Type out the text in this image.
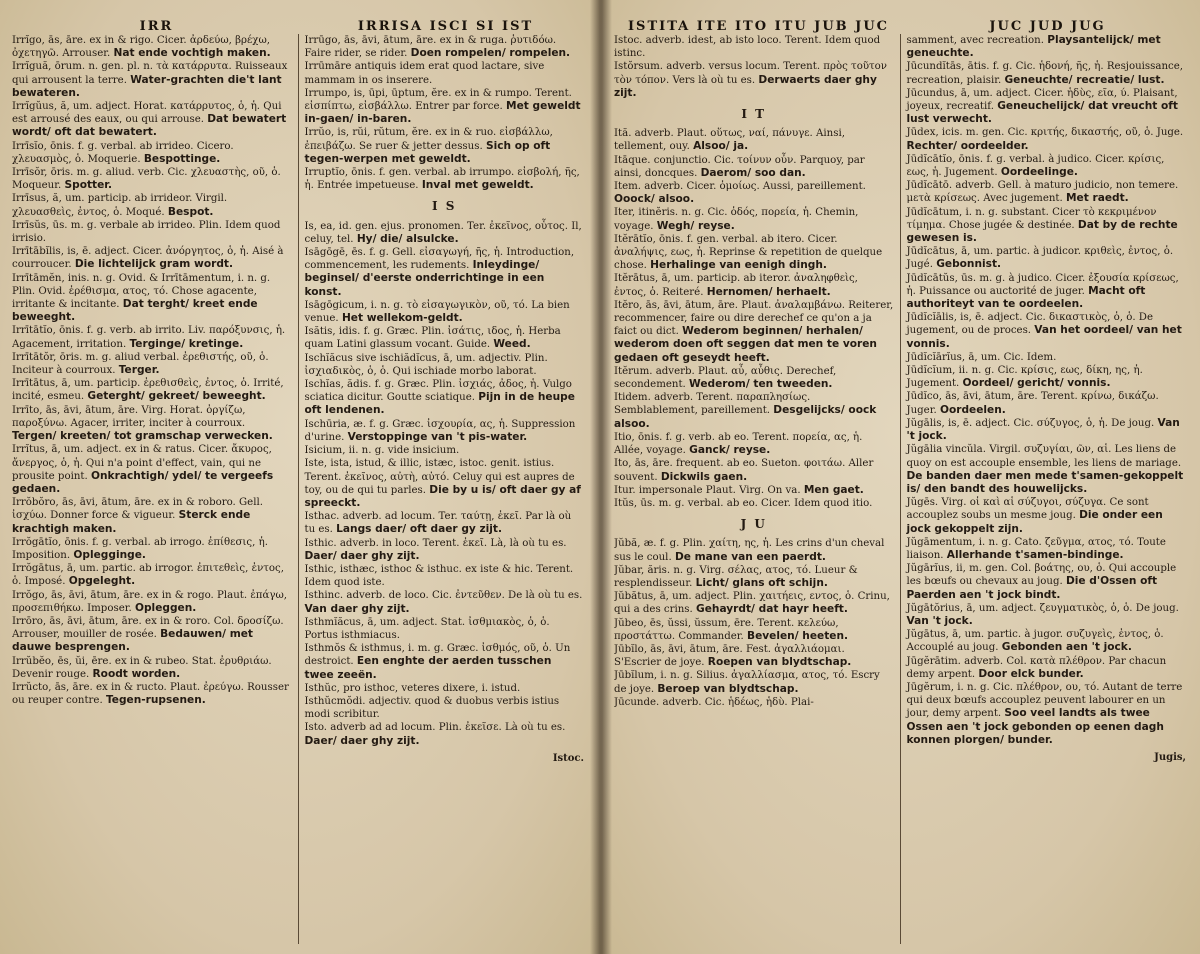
IRR	IRRISA ISCI SI IST

Irrĭgo, ās, āre. ex in & rigo. Cicer. ἀρδεύω, βρέχω, ὀχετηγῶ. Arrouser. Nat ende vochtigh maken.

Irrĭguă, ōrum. n. gen. pl. n. τὰ κατάρρυτα. Ruisseaux qui arrousent la terre. Water-grachten die't lant bewateren.

Irrĭgŭus, ă, um. adject. Horat. κατάρρυτος, ὁ, ἡ. Qui est arrousé des eaux, ou qui arrouse. Dat bewatert wordt/ oft dat bewatert.

Irrīsĭo, ōnis. f. g. verbal. ab irrideo. Cicero. χλευασμὸς, ὁ. Moquerie. Bespottinge.

Irrīsŏr, ōris. m. g. aliud. verb. Cic. χλευαστὴς, οῦ, ὁ. Moqueur. Spotter.

Irrīsus, ă, um. particip. ab irrideor. Virgil. χλευασθεὶς, ἐντος, ὁ. Moqué. Bespot.

Irrīsŭs, ūs. m. g. verbale ab irrideo. Plin. Idem quod irrisio.

Irrītābĭlis, is, ē. adject. Cicer. ἀνόργητος, ὁ, ἡ. Aisé à courroucer. Die lichtelijck gram wordt.

Irrītāmĕn, inis. n. g. Ovid. & Irrītāmentum, i. n. g. Plin. Ovid. ἐρέθισμα, ατος, τό. Chose agacente, irritante & incitante. Dat terght/ kreet ende beweeght.

Irrītātĭo, ōnis. f. g. verb. ab irrito. Liv. παρόξυνσις, ἡ. Agacement, irritation. Terginge/ kretinge.

Irrītātŏr, ōris. m. g. aliud verbal. ἐρεθιστής, οῦ, ὁ. Inciteur à courroux. Terger.

Irrītātus, ā, um. particip. ἐρεθισθεὶς, ἐντος, ὁ. Irrité, incité, esmeu. Geterght/ gekreet/ beweeght.

Irrīto, ās, āvi, ātum, āre. Virg. Horat. ὀργίζω, παροξύνω. Agacer, irriter, inciter à courroux. Tergen/ kreeten/ tot gramschap verwecken.

Irrĭtus, ā, um. adject. ex in & ratus. Cicer. ἄκυρος, ἄνεργος, ὁ, ἡ. Qui n'a point d'effect, vain, qui ne prousite point. Onkrachtigh/ ydel/ te vergeefs gedaen.

Irrŏbŏro, ās, āvi, ātum, āre. ex in & roboro. Gell. ἰσχύω. Donner force & vigueur. Sterck ende krachtigh maken.

Irrŏgātĭo, ōnis. f. g. verbal. ab irrogo. ἐπίθεσις, ἡ. Imposition. Oplegginge.

Irrŏgātus, ā, um. partic. ab irrogor. ἐπιτεθεὶς, ἐντος, ὁ. Imposé. Opgeleght.

Irrŏgo, ās, āvi, ātum, āre. ex in & rogo. Plaut. ἐπάγω, προσεπιθήκω. Imposer. Opleggen.

Irrōro, ās, āvi, ātum, āre. ex in & roro. Col. δροσίζω. Arrouser, mouiller de rosée. Bedauwen/ met dauwe besprengen.

Irrŭbĕo, ēs, ŭi, ēre. ex in & rubeo. Stat. ἐρυθριάω. Devenir rouge. Roodt worden.

Irrŭcto, ās, āre. ex in & ructo. Plaut. ἐρεύγω. Rousser ou reuper contre. Tegen-rupsenen.

Irrūgo, ās, āvi, ātum, āre. ex in & ruga. ῥυτιδόω. Faire rider, se rider. Doen rompelen/ rompelen.

Irrūmāre antiquis idem erat quod lactare, sive mammam in os inserere.

Irrumpo, is, ūpi, ūptum, ĕre. ex in & rumpo. Terent. εἰσπίπτω, εἰσβάλλω. Entrer par force. Met geweldt in-gaen/ in-baren.

Irrŭo, is, rŭi, rŭtum, ĕre. ex in & ruo. εἰσβάλλω, ἐπειβάζω. Se ruer & jetter dessus. Sich op oft tegen-werpen met geweldt.

Irruptĭo, ōnis. f. gen. verbal. ab irrumpo. εἰσβολή, ῆς, ἡ. Entrée impetueuse. Inval met geweldt.

I S

Is, ea, id. gen. ejus. pronomen. Ter. ἐκεῖνος, οὗτος. Il, celuy, tel. Hy/ die/ alsulcke.

Isāgōgē, ēs. f. g. Gell. εἰσαγωγή, ῆς, ἡ. Introduction, commencement, les rudements. Inleydinge/ beginsel/ d'eerste onderrichtinge in een konst.

Isāgōgicum, i. n. g. τὸ εἰσαγωγικὸν, οῦ, τό. La bien venue. Het wellekom-geldt.

Isătis, idis. f. g. Græc. Plin. ἰσάτις, ιδος, ἡ. Herba quam Latini glassum vocant. Guide. Weed.

Ischĭăcus sive ischiădĭcus, ā, um. adjectiv. Plin. ἰσχιαδικὸς, ὁ, ὁ. Qui ischiade morbo laborat.

Ischĭas, ădis. f. g. Græc. Plin. ἰσχιάς, ἀδος, ἡ. Vulgo sciatica dicitur. Goutte sciatique. Pijn in de heupe oft lendenen.

Ischūria, æ. f. g. Græc. ἰσχουρία, ας, ἡ. Suppression d'urine. Verstoppinge van 't pis-water.

Isicium, ii. n. g. vide insicium.

Iste, ista, istud, & illic, istæc, istoc. genit. istius. Terent. ἐκεῖνος, αὐτὴ, αὐτό. Celuy qui est aupres de toy, ou de qui tu parles. Die by u is/ oft daer gy af spreeckt.

Isthac. adverb. ad locum. Ter. ταύτῃ, ἐκεῖ. Par là où tu es. Langs daer/ oft daer gy zijt.

Isthic. adverb. in loco. Terent. ἐκεῖ. Là, là où tu es. Daer/ daer ghy zijt.

Isthic, isthæc, isthoc & isthuc. ex iste & hic. Terent. Idem quod iste.

Isthinc. adverb. de loco. Cic. ἐντεῦθεν. De là où tu es. Van daer ghy zijt.

Isthmĭăcus, ā, um. adject. Stat. ἰσθμιακὸς, ὁ, ὁ. Portus isthmiacus.

Isthmŏs & isthmus, i. m. g. Græc. ἰσθμός, οῦ, ὁ. Un destroict. Een enghte der aerden tusschen twee zeeën.

Isthŭc, pro isthoc, veteres dixere, i. istud.

Isthŭcmŏdi. adjectiv. quod & duobus verbis istius modi scribitur.

Isto. adverb ad ad locum. Plin. ἐκεῖσε. Là où tu es. Daer/ daer ghy zijt.

Istoc.
ISTITA ITE ITO ITU JUB JUC	JUC JUD JUG

Istoc. adverb. idest, ab isto loco. Terent. Idem quod istinc.

Istŏrsum. adverb. versus locum. Terent. πρὸς τοῦτον τὸν τόπον. Vers là où tu es. Derwaerts daer ghy zijt.

I T

Ită. adverb. Plaut. οὕτως, ναί, πάνυγε. Ainsi, tellement, ouy. Alsoo/ ja.

Itāque. conjunctio. Cic. τοίνυν οὖν. Parquoy, par ainsi, doncques. Daerom/ soo dan.

Item. adverb. Cicer. ὁμοίως. Aussi, pareillement. Ooock/ alsoo.

Iter, itinĕris. n. g. Cic. ὁδός, πορεία, ἡ. Chemin, voyage. Wegh/ reyse.

Itĕrātĭo, ōnis. f. gen. verbal. ab itero. Cicer. ἀναλήψις, εως, ἡ. Reprinse & repetition de quelque chose. Herhalinge van eenigh dingh.

Itĕrātus, ā, um. particip. ab iteror. ἀναληφθεὶς, ἐντος, ὁ. Reiteré. Hernomen/ herhaelt.

Itĕro, ās, āvi, ātum, āre. Plaut. ἀναλαμβάνω. Reiterer, recommencer, faire ou dire derechef ce qu'on a ja faict ou dict. Wederom beginnen/ herhalen/ wederom doen oft seggen dat men te voren gedaen oft geseydt heeft.

Itĕrum. adverb. Plaut. αὖ, αὖθις. Derechef, secondement. Wederom/ ten tweeden.

Itidem. adverb. Terent. παραπλησίως. Semblablement, pareillement. Desgelijcks/ oock alsoo.

Itio, ōnis. f. g. verb. ab eo. Terent. πορεία, ας, ἡ. Allée, voyage. Ganck/ reyse.

Ito, ās, āre. frequent. ab eo. Sueton. φοιτάω. Aller souvent. Dickwils gaen.

Itur. impersonale Plaut. Virg. On va. Men gaet.

Itŭs, ūs. m. g. verbal. ab eo. Cicer. Idem quod itio.

J U

Jŭbă, æ. f. g. Plin. χαίτη, ης, ἡ. Les crins d'un cheval sus le coul. De mane van een paerdt.

Jŭbar, ăris. n. g. Virg. σέλας, ατος, τό. Lueur & resplendisseur. Licht/ glans oft schijn.

Jŭbătus, ā, um. adject. Plin. χαιτήεις, εντος, ὁ. Crinu, qui a des crins. Gehayrdt/ dat hayr heeft.

Jŭbeo, ēs, ŭssi, ŭssum, ēre. Terent. κελεύω, προστάττω. Commander. Bevelen/ heeten.

Jūbĭlo, ās, āvi, ātum, āre. Fest. ἀγαλλιάομαι. S'Escrier de joye. Roepen van blydtschap.

Jūbĭlum, i. n. g. Silius. ἀγαλλίασμα, ατος, τό. Escry de joye. Beroep van blydtschap.

Jūcunde. adverb. Cic. ἡδέως, ἡδὺ. Plai-

samment, avec recreation. Playsantelijck/ met geneuchte.

Jūcundĭtās, ātis. f. g. Cic. ἡδονή, ῆς, ἡ. Resjouissance, recreation, plaisir. Geneuchte/ recreatie/ lust.

Jūcundus, ā, um. adject. Cicer. ἡδὺς, εῖα, ύ. Plaisant, joyeux, recreatif. Geneuchelijck/ dat vreucht oft lust verwecht.

Jūdex, icis. m. gen. Cic. κριτής, δικαστής, οῦ, ὁ. Juge. Rechter/ oordeelder.

Jūdĭcātĭo, ōnis. f. g. verbal. à judico. Cicer. κρίσις, εως, ἡ. Jugement. Oordeelinge.

Jūdĭcātō. adverb. Gell. à maturo judicio, non temere. μετὰ κρίσεως. Avec jugement. Met raedt.

Jūdĭcātum, i. n. g. substant. Cicer τὸ κεκριμένον τίμημα. Chose jugée & destinée. Dat by de rechte gewesen is.

Jūdĭcātus, ā, um. partic. à judicor. κριθεὶς, ἐντος, ὁ. Jugé. Gebonnist.

Jūdĭcātŭs, ūs. m. g. à judico. Cicer. ἐξουσία κρίσεως, ἡ. Puissance ou auctorité de juger. Macht oft authoriteyt van te oordeelen.

Jūdĭcĭālis, is, ē. adject. Cic. δικαστικὸς, ὁ, ὁ. De jugement, ou de proces. Van het oordeel/ van het vonnis.

Jūdĭcĭārĭus, ā, um. Cic. Idem.

Jūdĭcĭum, ii. n. g. Cic. κρίσις, εως, δίκη, ης, ἡ. Jugement. Oordeel/ gericht/ vonnis.

Jūdĭco, ās, āvi, ātum, āre. Terent. κρίνω, δικάζω. Juger. Oordeelen.

Jŭgālis, is, ē. adject. Cic. σύζυγος, ὁ, ἡ. De joug. Van 't jock.

Jŭgālia vincŭla. Virgil. συζυγίαι, ῶν, αἱ. Les liens de quoy on est accouple ensemble, les liens de mariage. De banden daer men mede t'samen-gekoppelt is/ den bandt des houwelijcks.

Jŭgēs. Virg. οἱ καὶ αἱ σύζυγοι, σύζυγα. Ce sont accouplez soubs un mesme joug. Die onder een jock gekoppelt zijn.

Jŭgāmentum, i. n. g. Cato. ζεῦγμα, ατος, τό. Toute liaison. Allerhande t'samen-bindinge.

Jŭgārĭus, ii, m. gen. Col. βοάτης, ου, ὁ. Qui accouple les bœufs ou chevaux au joug. Die d'Ossen oft Paerden aen 't jock bindt.

Jŭgātŏrius, ā, um. adject. ζευγματικὸς, ὁ, ὁ. De joug. Van 't jock.

Jŭgātus, ā, um. partic. à jugor. συζυγεὶς, ἐντος, ὁ. Accouplé au joug. Gebonden aen 't jock.

Jūgĕrātim. adverb. Col. κατὰ πλέθρον. Par chacun demy arpent. Door elck bunder.

Jūgĕrum, i. n. g. Cic. πλέθρον, ου, τό. Autant de terre qui deux bœufs accouplez peuvent labourer en un jour, demy arpent. Soo veel landts als twee Ossen aen 't jock gebonden op eenen dagh konnen plorgen/ bunder.

Jugis,
